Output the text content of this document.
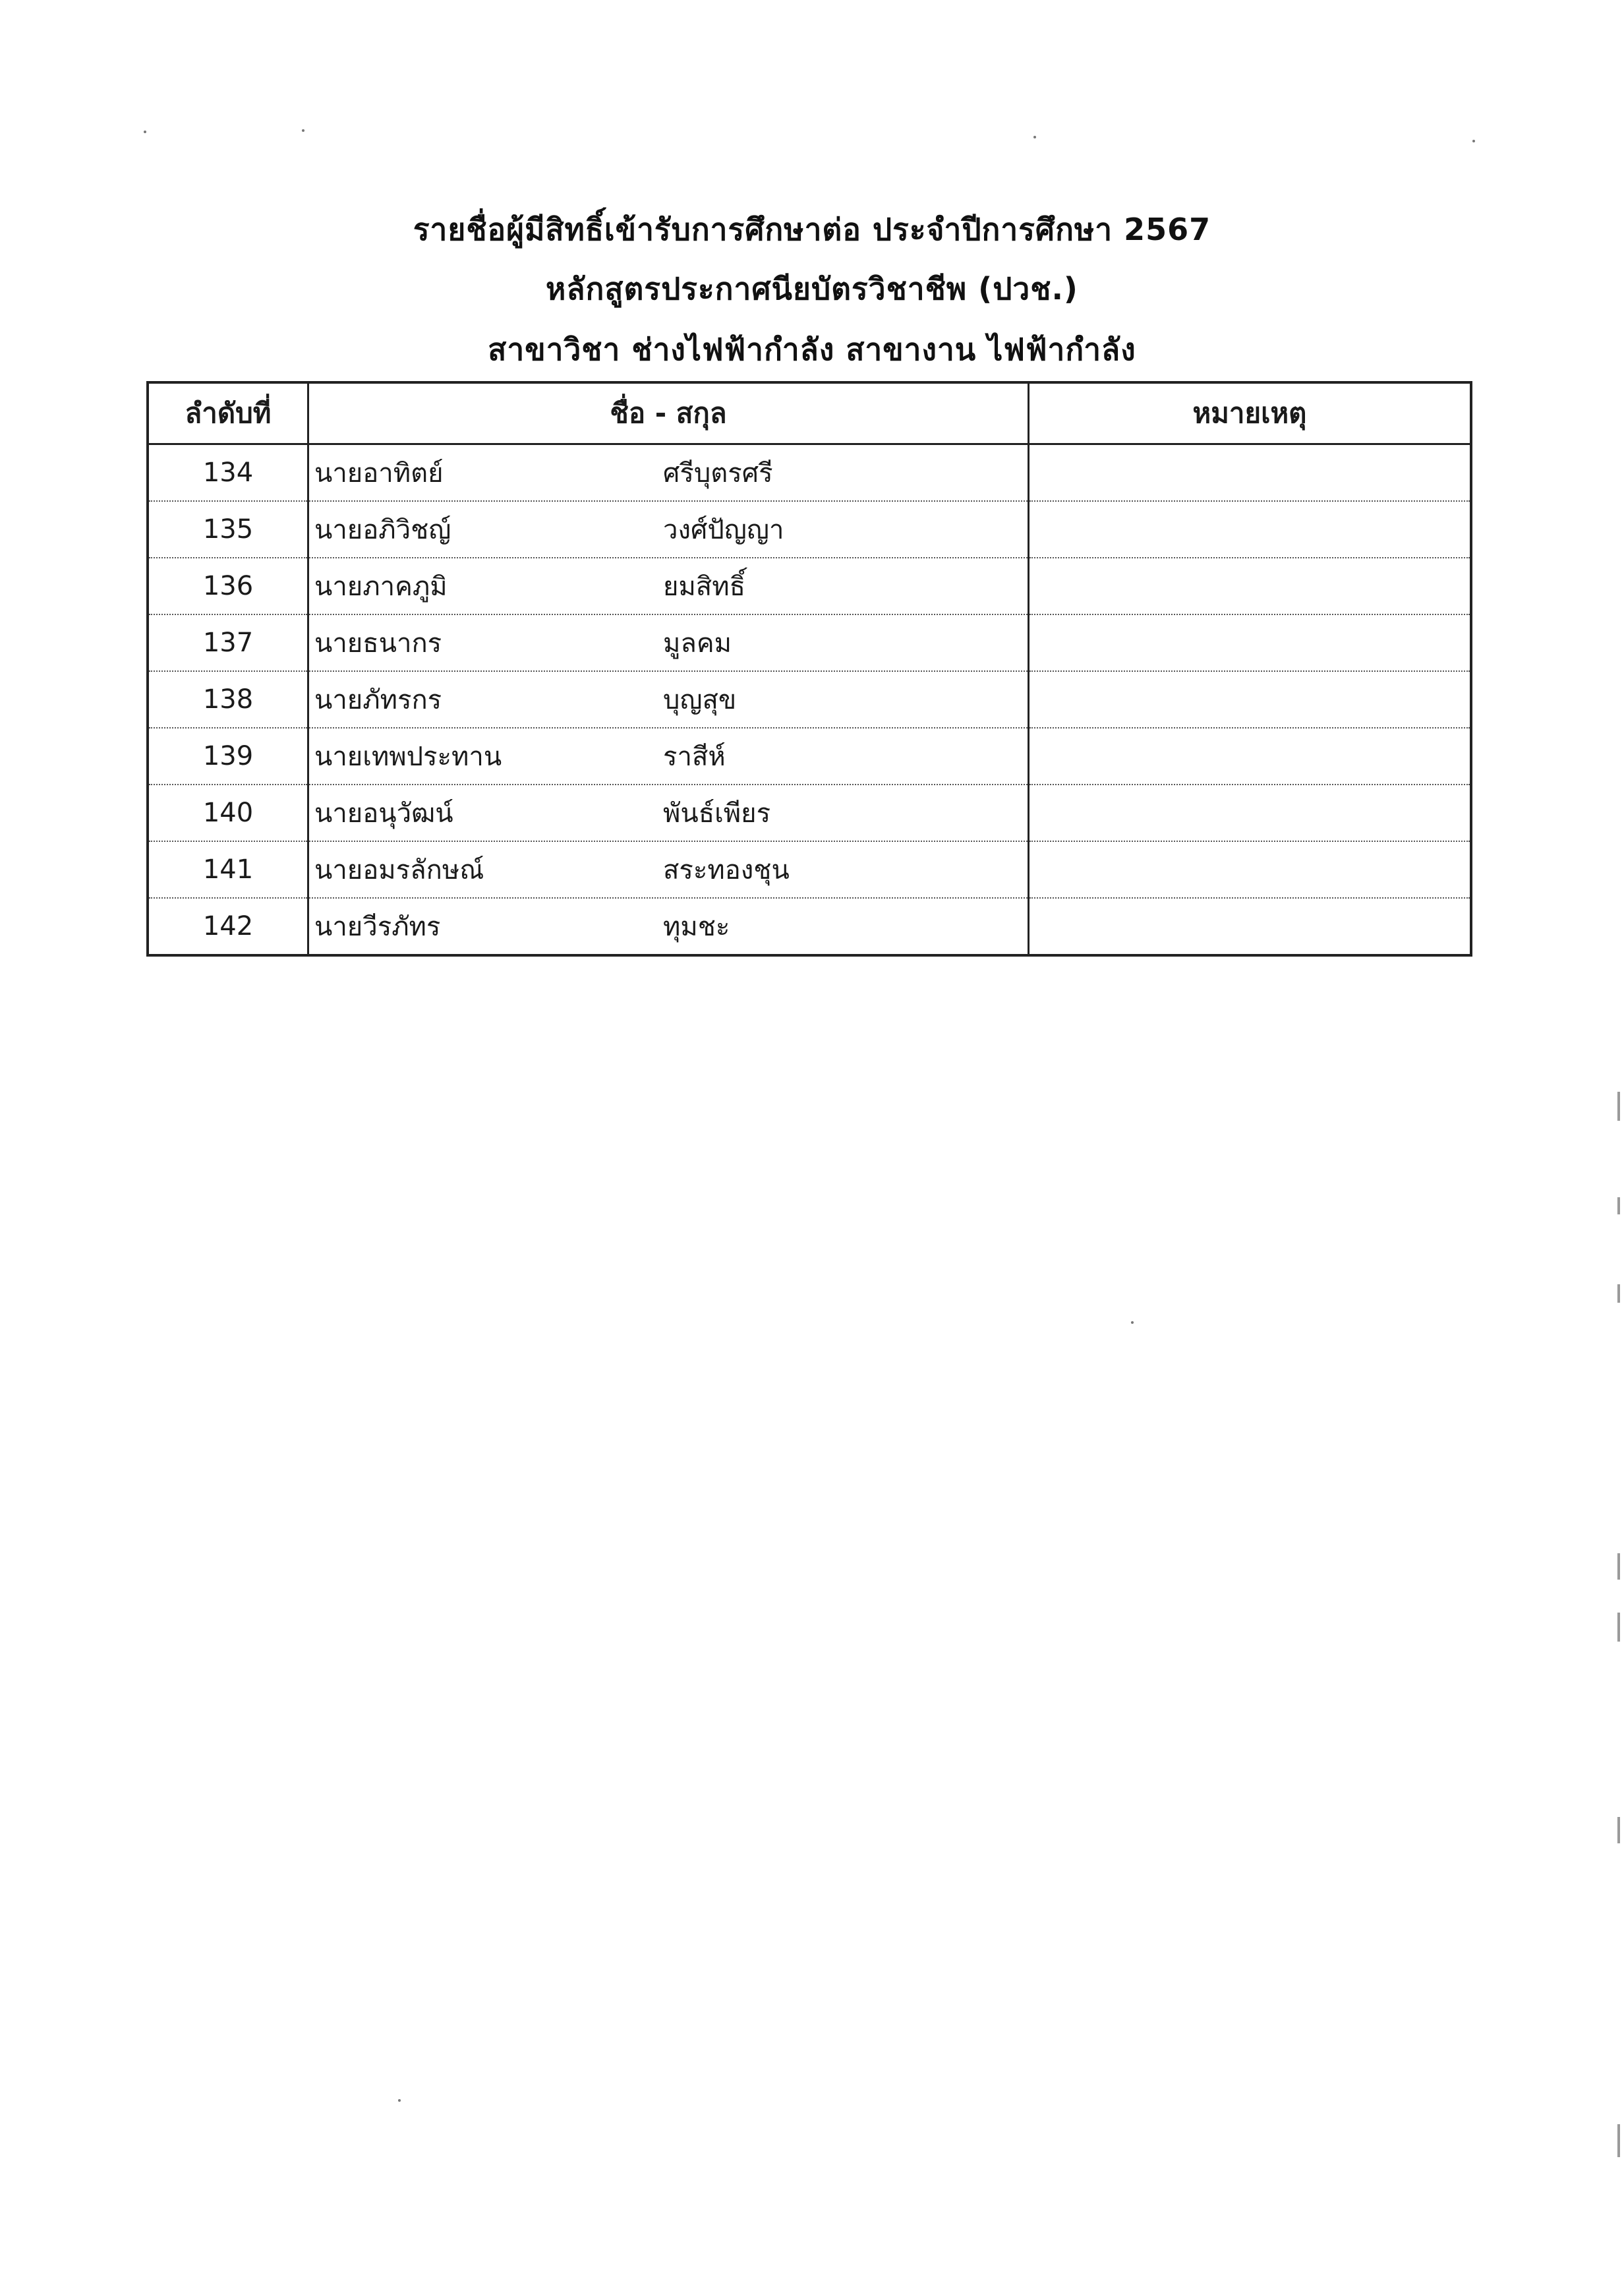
รายชื่อผู้มีสิทธิ์เข้ารับการศึกษาต่อ ประจำปีการศึกษา 2567
หลักสูตรประกาศนียบัตรวิชาชีพ (ปวช.)
สาขาวิชา ช่างไฟฟ้ากำลัง สาขางาน ไฟฟ้ากำลัง
ลำดับที่	ชื่อ - สกุล	หมายเหตุ
134	นายอาทิตย์ ศรีบุตรศรี	

135	นายอภิวิชญ์ วงศ์ปัญญา	

136	นายภาคภูมิ ยมสิทธิ์	

137	นายธนากร มูลคม	

138	นายภัทรกร บุญสุข	

139	นายเทพประทาน ราสีห์	

140	นายอนุวัฒน์ พันธ์เพียร	

141	นายอมรลักษณ์ สระทองชุน	

142	นายวีรภัทร ทุมชะ	
